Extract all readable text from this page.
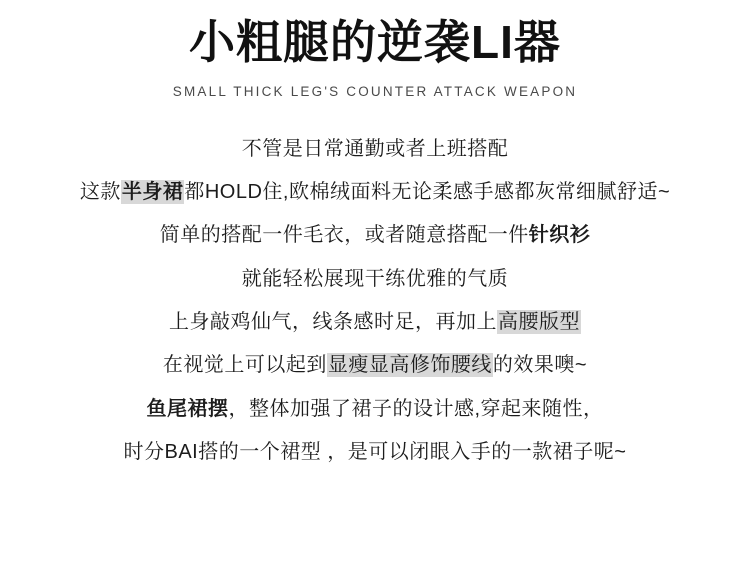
小粗腿的逆袭LI器
SMALL THICK LEG'S COUNTER ATTACK WEAPON

不管是日常通勤或者上班搭配

这款半身裙都HOLD住,欧棉绒面料无论柔感手感都灰常细腻舒适~

简单的搭配一件毛衣，或者随意搭配一件针织衫

就能轻松展现干练优雅的气质

上身敲鸡仙气，线条感时足，再加上高腰版型

在视觉上可以起到显瘦显高修饰腰线的效果噢~

鱼尾裙摆，整体加强了裙子的设计感,穿起来随性，

时分BAI搭的一个裙型 ，是可以闭眼入手的一款裙子呢~
